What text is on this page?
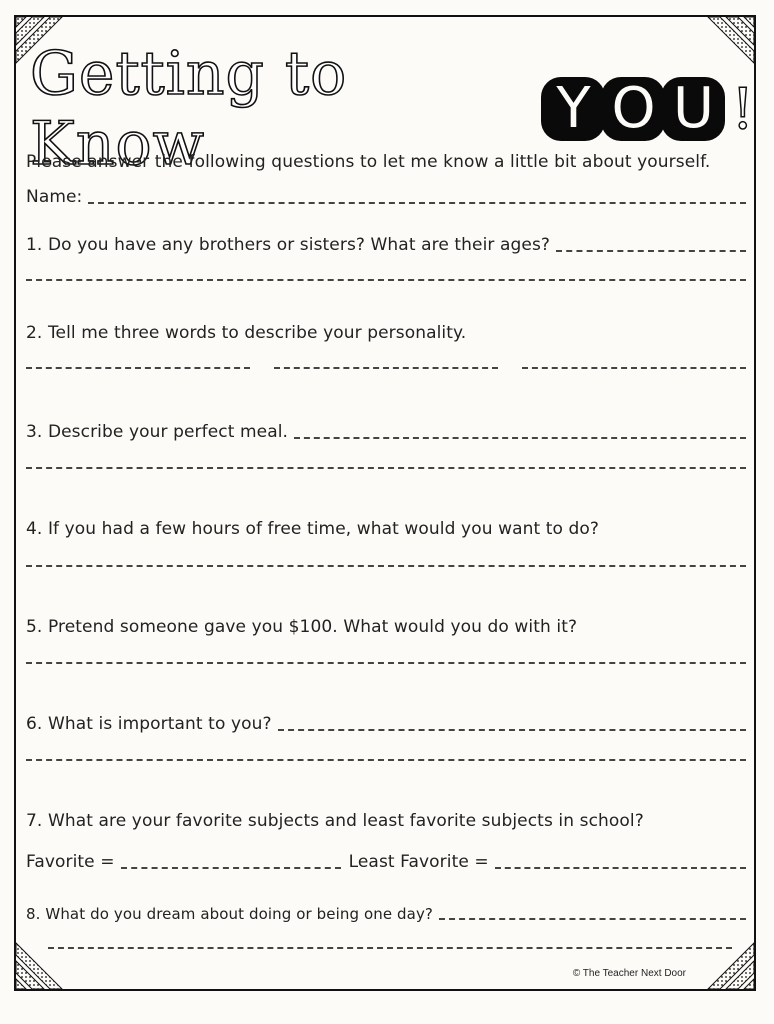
Getting to Know
Y O U !
Please answer the following questions to let me know a little bit about yourself.
Name:
1. Do you have any brothers or sisters? What are their ages?
2. Tell me three words to describe your personality.
3. Describe your perfect meal.
4. If you had a few hours of free time, what would you want to do?
5. Pretend someone gave you $100. What would you do with it?
6. What is important to you?
7. What are your favorite subjects and least favorite subjects in school?
Favorite =	Least Favorite =
8. What do you dream about doing or being one day?
© The Teacher Next Door
